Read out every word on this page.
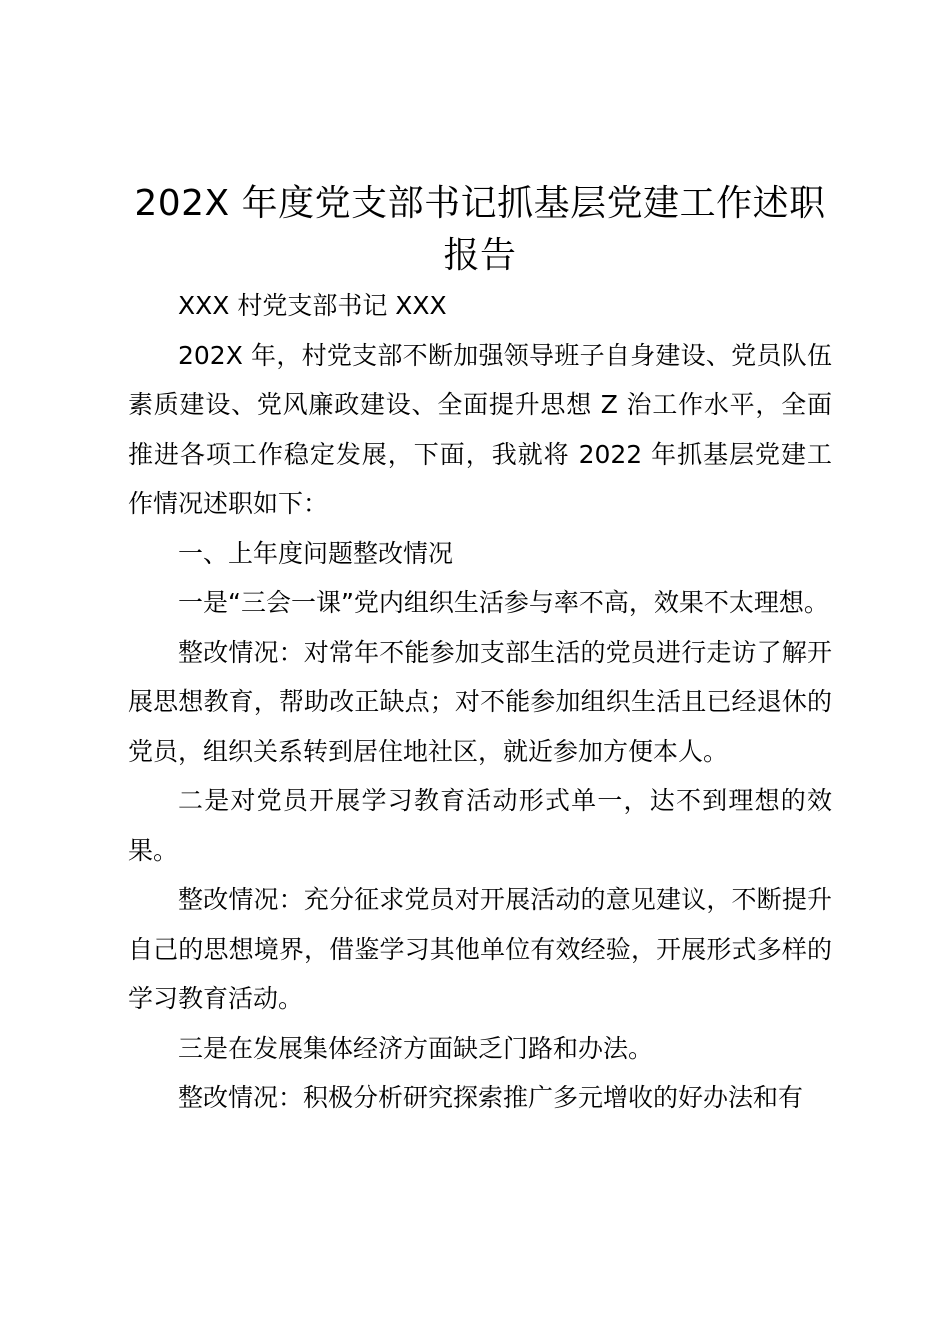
202X 年度党支部书记抓基层党建工作述职报告

XXX 村党支部书记 XXX

202X 年，村党支部不断加强领导班子自身建设、党员队伍素质建设、党风廉政建设、全面提升思想 Z 治工作水平，全面推进各项工作稳定发展，下面，我就将 2022 年抓基层党建工作情况述职如下：

一、上年度问题整改情况

一是“三会一课”党内组织生活参与率不高，效果不太理想。

整改情况：对常年不能参加支部生活的党员进行走访了解开展思想教育，帮助改正缺点；对不能参加组织生活且已经退休的党员，组织关系转到居住地社区，就近参加方便本人。

二是对党员开展学习教育活动形式单一，达不到理想的效果。

整改情况：充分征求党员对开展活动的意见建议，不断提升自己的思想境界，借鉴学习其他单位有效经验，开展形式多样的学习教育活动。

三是在发展集体经济方面缺乏门路和办法。

整改情况：积极分析研究探索推广多元增收的好办法和有
